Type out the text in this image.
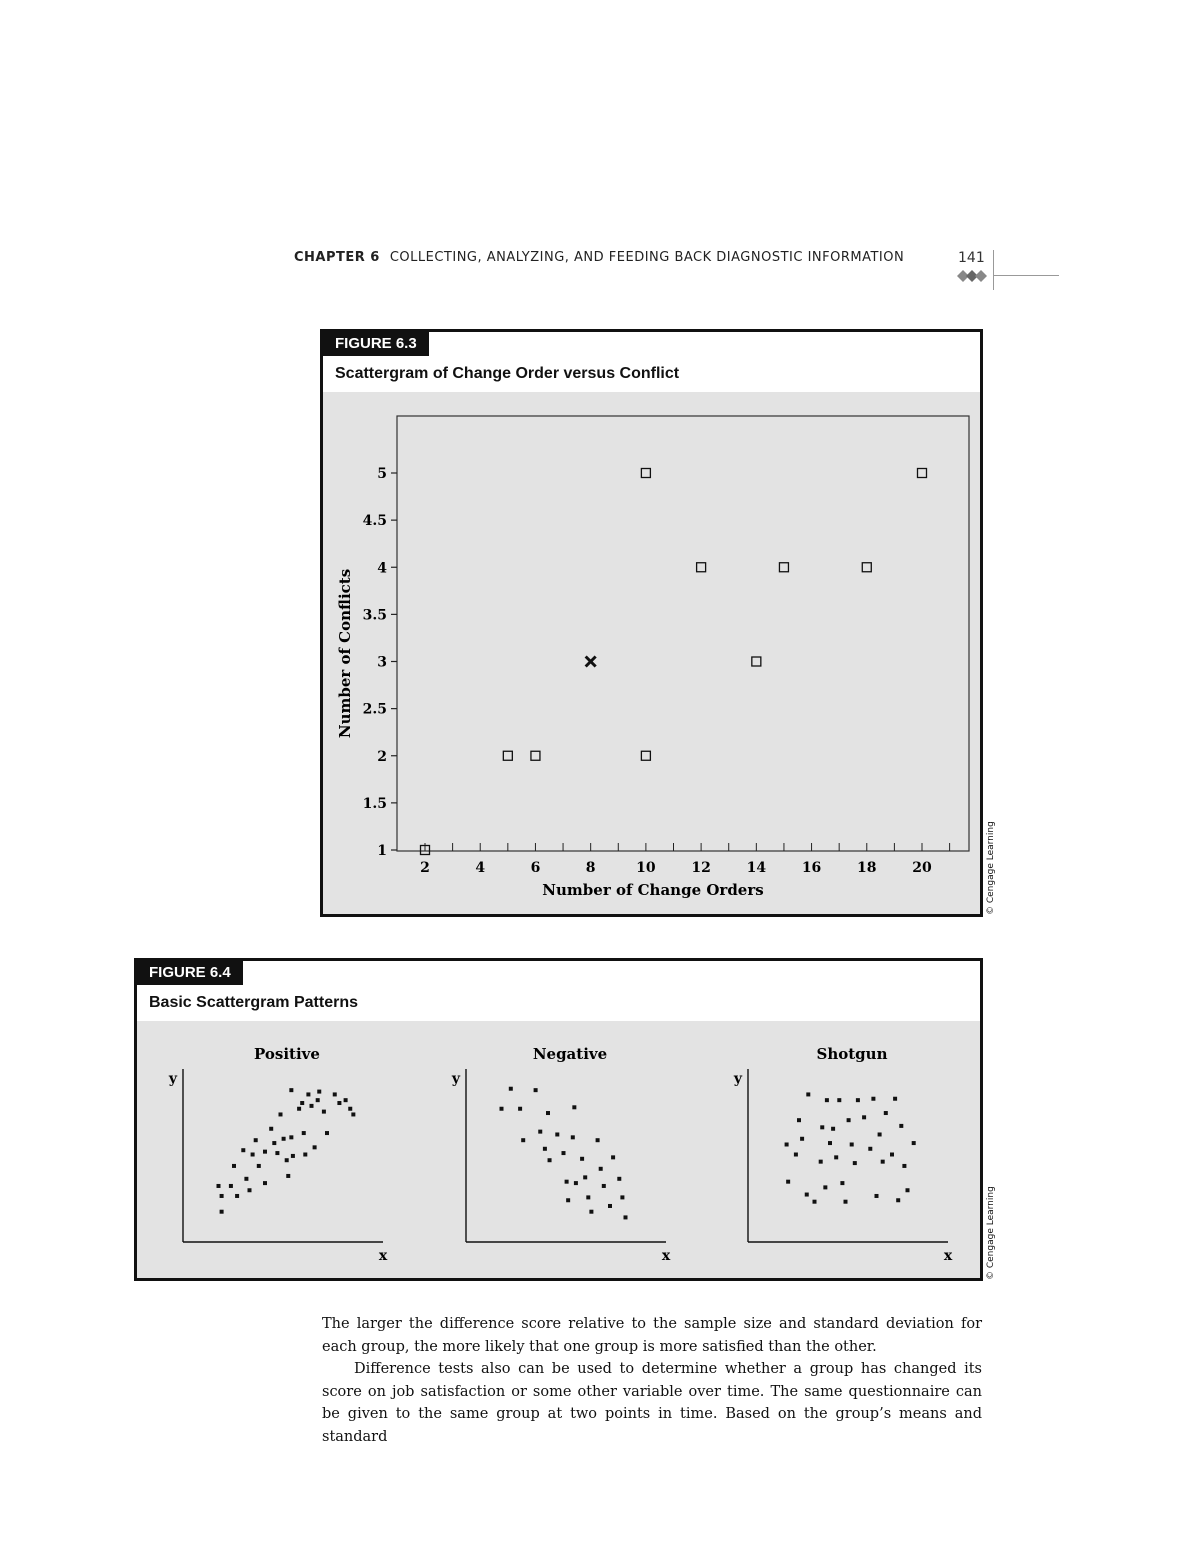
CHAPTER 6 COLLECTING, ANALYZING, AND FEEDING BACK DIAGNOSTIC INFORMATION	141
FIGURE 6.3
Scattergram of Change Order versus Conflict
1
1.5
2
2.5
3
3.5
4
4.5
5
2	4	6	8	10	12	14	16	18	20
Number of Change Orders
Number of Conflicts
© Cengage Learning
FIGURE 6.4
Basic Scattergram Patterns
Positive
y
x
Negative
y
x
Shotgun
y
x	© Cengage Learning

The larger the difference score relative to the sample size and standard deviation for each group, the more likely that one group is more satisfied than the other.

Difference tests also can be used to determine whether a group has changed its score on job satisfaction or some other variable over time. The same questionnaire can be given to the same group at two points in time. Based on the group’s means and standard
